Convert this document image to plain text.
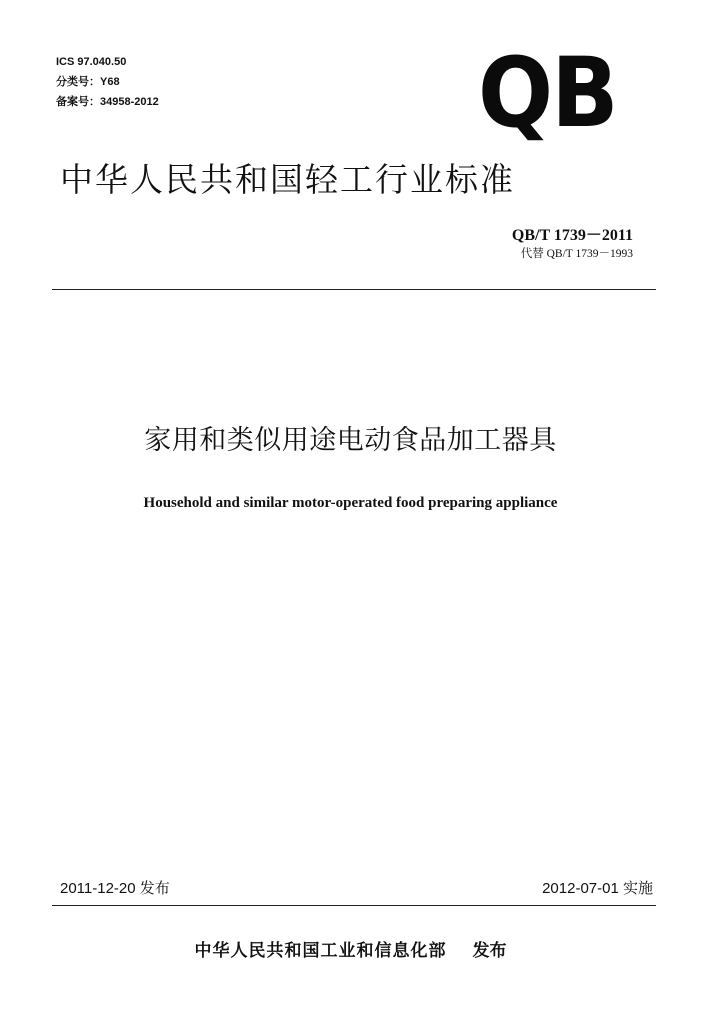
ICS 97.040.50
分类号：Y68
备案号：34958-2012	QB
中华人民共和国轻工行业标准
QB/T 1739－2011
代替 QB/T 1739－1993
家用和类似用途电动食品加工器具
Household and similar motor-operated food preparing appliance
2011-12-20 发布	2012-07-01 实施
中华人民共和国工业和信息化部 发布
